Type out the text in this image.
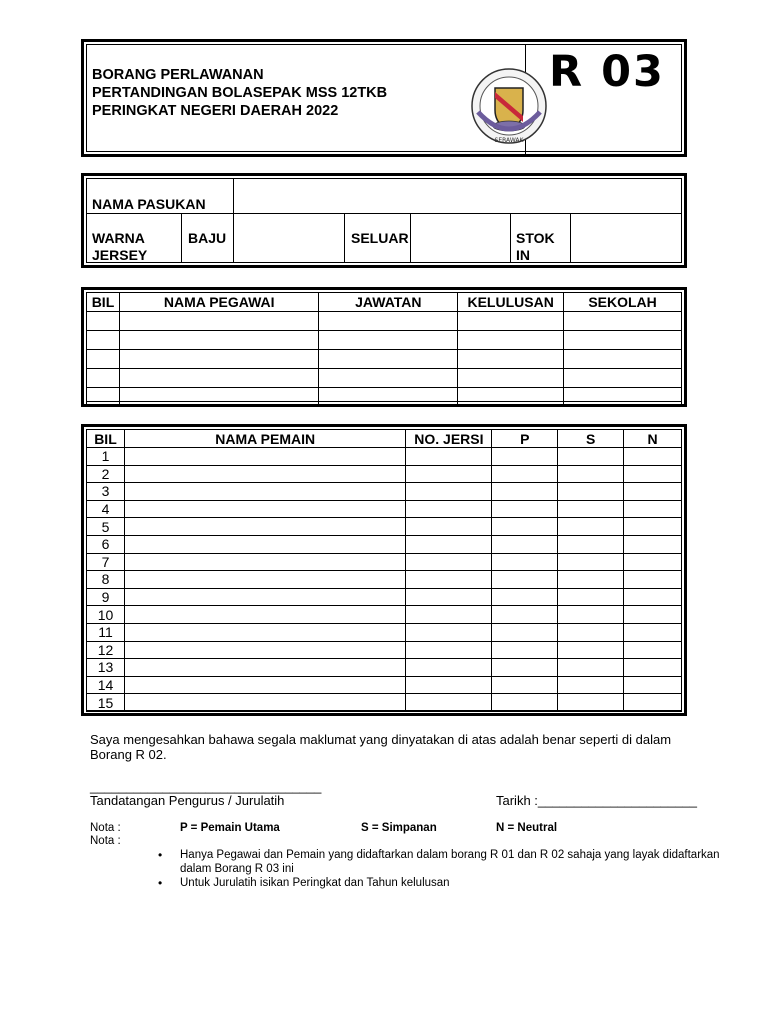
BORANG PERLAWANAN
PERTANDINGAN BOLASEPAK MSS 12TKB
PERINGKAT NEGERI DAERAH 2022
R 03
SERAWAK
NAMA PASUKAN
WARNA JERSEY
BAJU	SELUAR	STOKIN
BIL	NAMA PEGAWAI	JAWATAN	KELULUSAN	SEKOLAH

BIL	NAMA PEMAIN	NO. JERSI	P	S	N
1					
2					
3					
4					
5					
6					
7					
8					
9					
10					
11					
12					
13					
14					
15					
Saya mengesahkan bahawa segala maklumat yang dinyatakan di atas adalah benar seperti di dalam
Borang R 02.
________________________________
Tandatangan Pengurus / Jurulatih	Tarikh :______________________
Nota :	P = Pemain Utama	S = Simpanan	N = Neutral
Nota :
• Hanya Pegawai dan Pemain yang didaftarkan dalam borang R 01 dan R 02 sahaja yang layak didaftarkan
dalam Borang R 03 ini
• Untuk Jurulatih isikan Peringkat dan Tahun kelulusan
